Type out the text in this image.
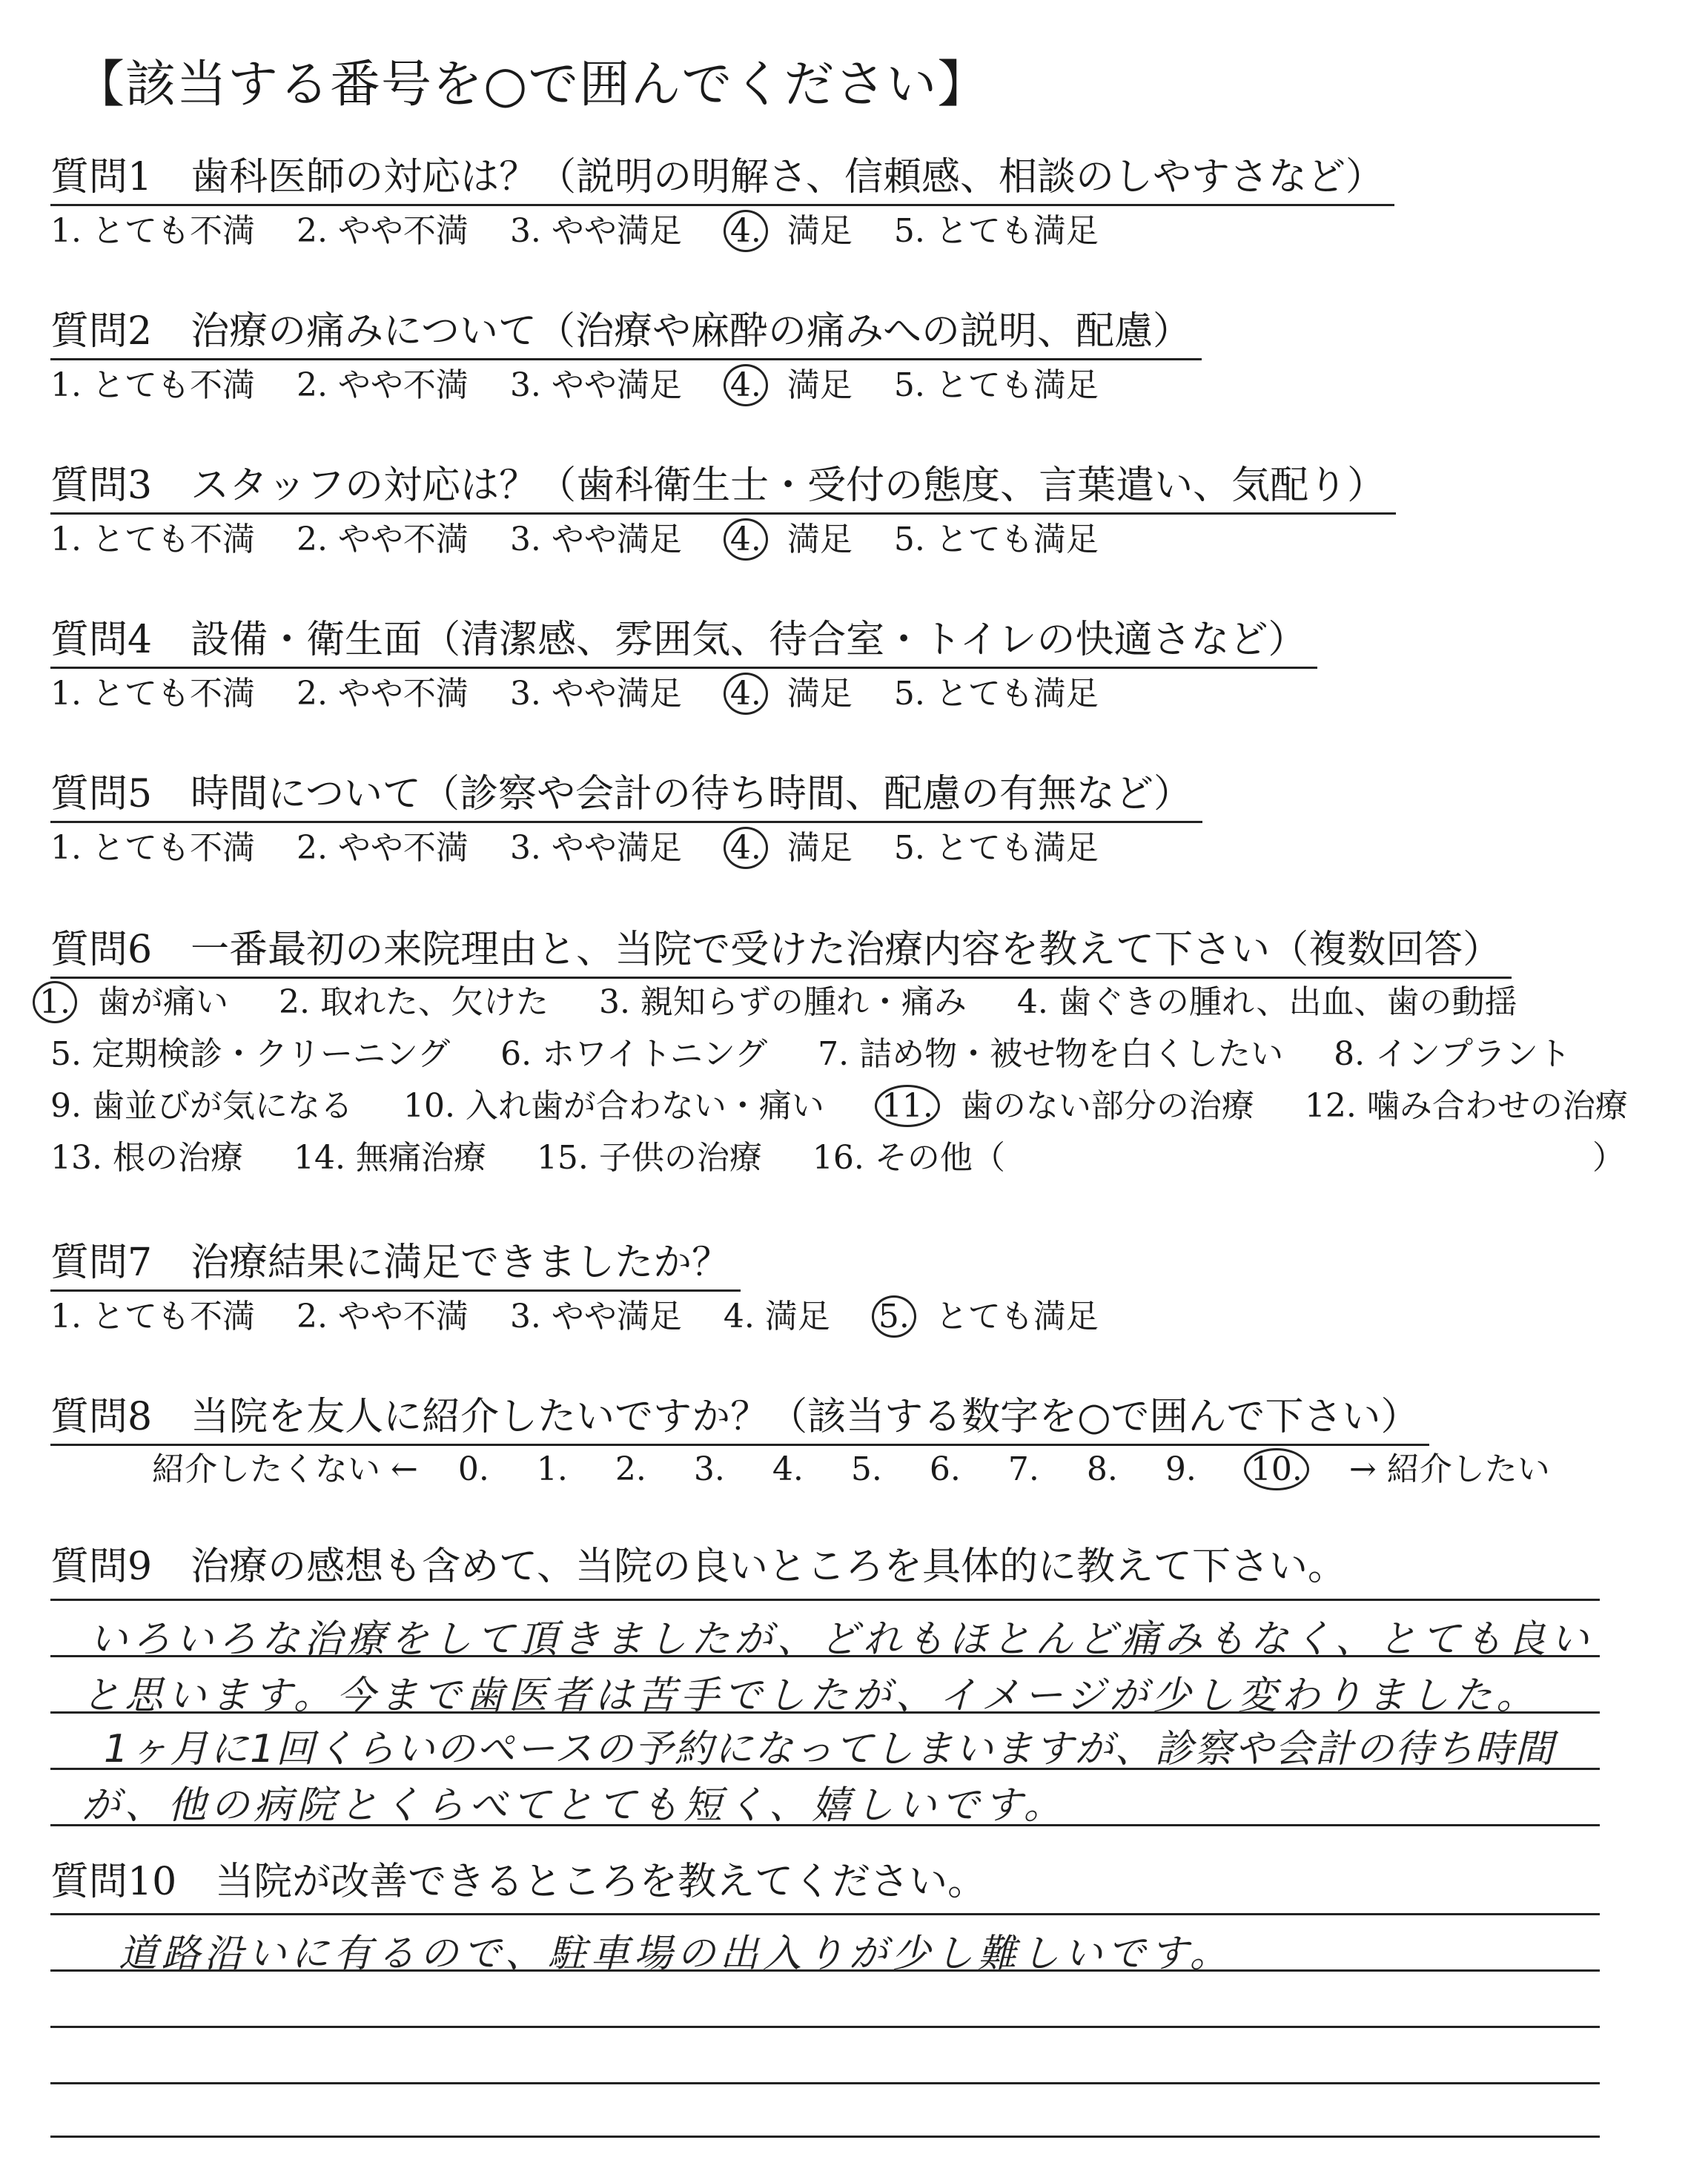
【該当する番号を○で囲んでください】
質問1　歯科医師の対応は？（説明の明解さ、信頼感、相談のしやすさなど）
1. とても不満 2. やや不満 3. やや満足 4. 満足 5. とても満足
質問2　治療の痛みについて（治療や麻酔の痛みへの説明、配慮）
1. とても不満 2. やや不満 3. やや満足 4. 満足 5. とても満足
質問3　スタッフの対応は？（歯科衛生士・受付の態度、言葉遣い、気配り）
1. とても不満 2. やや不満 3. やや満足 4. 満足 5. とても満足
質問4　設備・衛生面（清潔感、雰囲気、待合室・トイレの快適さなど）
1. とても不満 2. やや不満 3. やや満足 4. 満足 5. とても満足
質問5　時間について（診察や会計の待ち時間、配慮の有無など）
1. とても不満 2. やや不満 3. やや満足 4. 満足 5. とても満足
質問6　一番最初の来院理由と、当院で受けた治療内容を教えて下さい（複数回答）
1. 歯が痛い 2. 取れた、欠けた 3. 親知らずの腫れ・痛み 4. 歯ぐきの腫れ、出血、歯の動揺
5. 定期検診・クリーニング 6. ホワイトニング 7. 詰め物・被せ物を白くしたい 8. インプラント
9. 歯並びが気になる 10. 入れ歯が合わない・痛い 11. 歯のない部分の治療 12. 噛み合わせの治療
13. 根の治療 14. 無痛治療 15. 子供の治療 16. その他（	）
質問7　治療結果に満足できましたか？
1. とても不満 2. やや不満 3. やや満足 4. 満足 5. とても満足
質問8　当院を友人に紹介したいですか？（該当する数字を○で囲んで下さい）
紹介したくない ← 0. 1. 2. 3. 4. 5. 6. 7. 8. 9. 10. → 紹介したい
質問9　治療の感想も含めて、当院の良いところを具体的に教えて下さい。
いろいろな治療をして頂きましたが、どれもほとんど痛みもなく、とても良い
と思います。今まで歯医者は苦手でしたが、イメージが少し変わりました。
1ヶ月に1回くらいのペースの予約になってしまいますが、診察や会計の待ち時間
が、他の病院とくらべてとても短く、嬉しいです。
質問10　当院が改善できるところを教えてください。
道路沿いに有るので、駐車場の出入りが少し難しいです。
